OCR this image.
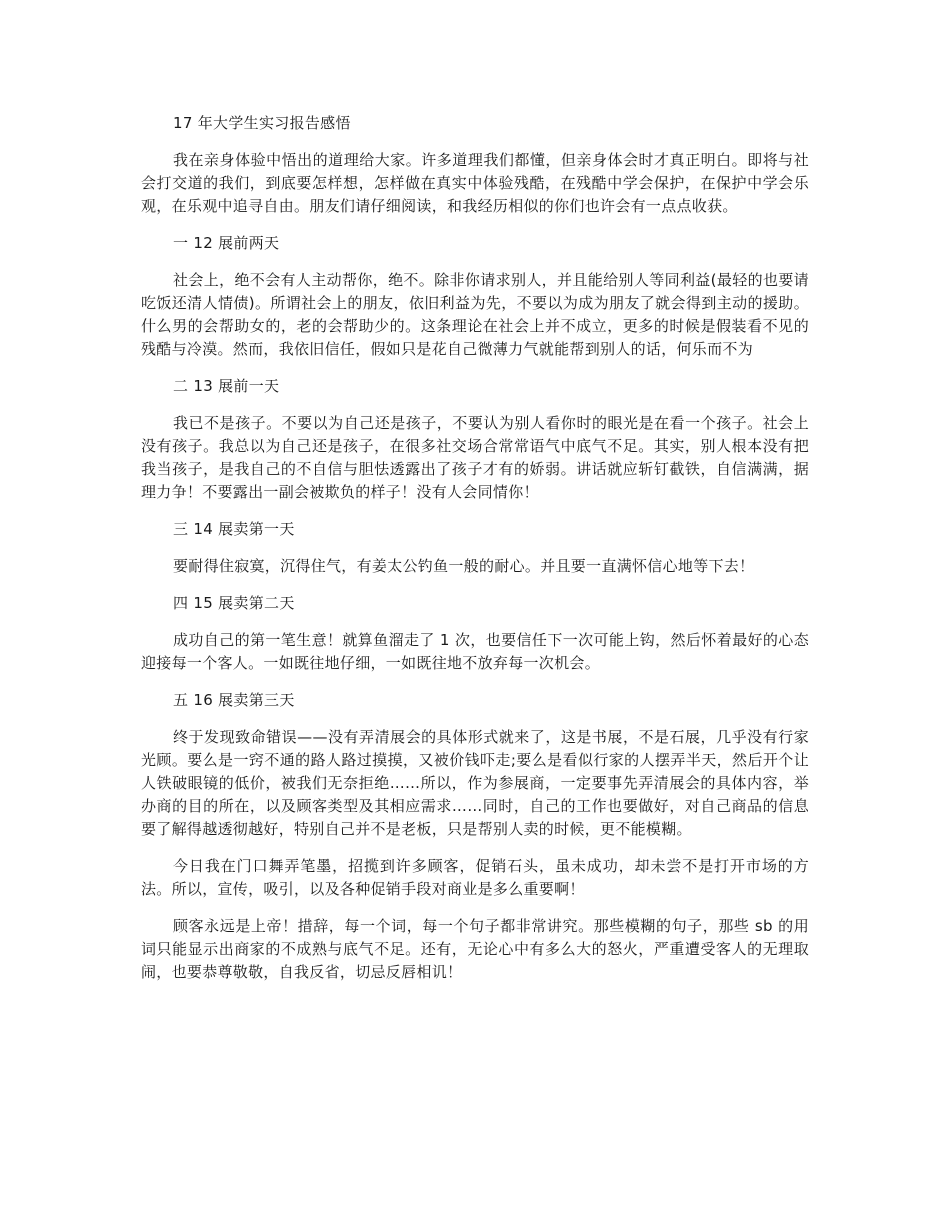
17 年大学生实习报告感悟
我在亲身体验中悟出的道理给大家。许多道理我们都懂，但亲身体会时才真正明白。即将与社会打交道的我们，到底要怎样想，怎样做在真实中体验残酷，在残酷中学会保护，在保护中学会乐观，在乐观中追寻自由。朋友们请仔细阅读，和我经历相似的你们也许会有一点点收获。
一 12 展前两天
社会上，绝不会有人主动帮你，绝不。除非你请求别人，并且能给别人等同利益(最轻的也要请吃饭还清人情债)。所谓社会上的朋友，依旧利益为先，不要以为成为朋友了就会得到主动的援助。什么男的会帮助女的，老的会帮助少的。这条理论在社会上并不成立，更多的时候是假装看不见的残酷与冷漠。然而，我依旧信任，假如只是花自己微薄力气就能帮到别人的话，何乐而不为
二 13 展前一天
我已不是孩子。不要以为自己还是孩子，不要认为别人看你时的眼光是在看一个孩子。社会上没有孩子。我总以为自己还是孩子，在很多社交场合常常语气中底气不足。其实，别人根本没有把我当孩子，是我自己的不自信与胆怯透露出了孩子才有的娇弱。讲话就应斩钉截铁，自信满满，据理力争！不要露出一副会被欺负的样子！没有人会同情你！
三 14 展卖第一天
要耐得住寂寞，沉得住气，有姜太公钓鱼一般的耐心。并且要一直满怀信心地等下去！
四 15 展卖第二天
成功自己的第一笔生意！就算鱼溜走了 1 次，也要信任下一次可能上钩，然后怀着最好的心态迎接每一个客人。一如既往地仔细，一如既往地不放弃每一次机会。
五 16 展卖第三天
终于发现致命错误——没有弄清展会的具体形式就来了，这是书展，不是石展，几乎没有行家光顾。要么是一窍不通的路人路过摸摸，又被价钱吓走;要么是看似行家的人摆弄半天，然后开个让人铁破眼镜的低价，被我们无奈拒绝……所以，作为参展商，一定要事先弄清展会的具体内容，举办商的目的所在，以及顾客类型及其相应需求……同时，自己的工作也要做好，对自己商品的信息要了解得越透彻越好，特别自己并不是老板，只是帮别人卖的时候，更不能模糊。
今日我在门口舞弄笔墨，招揽到许多顾客，促销石头，虽未成功，却未尝不是打开市场的方法。所以，宣传，吸引，以及各种促销手段对商业是多么重要啊！
顾客永远是上帝！措辞，每一个词，每一个句子都非常讲究。那些模糊的句子，那些 sb 的用词只能显示出商家的不成熟与底气不足。还有，无论心中有多么大的怒火，严重遭受客人的无理取闹，也要恭尊敬敬，自我反省，切忌反唇相讥！
